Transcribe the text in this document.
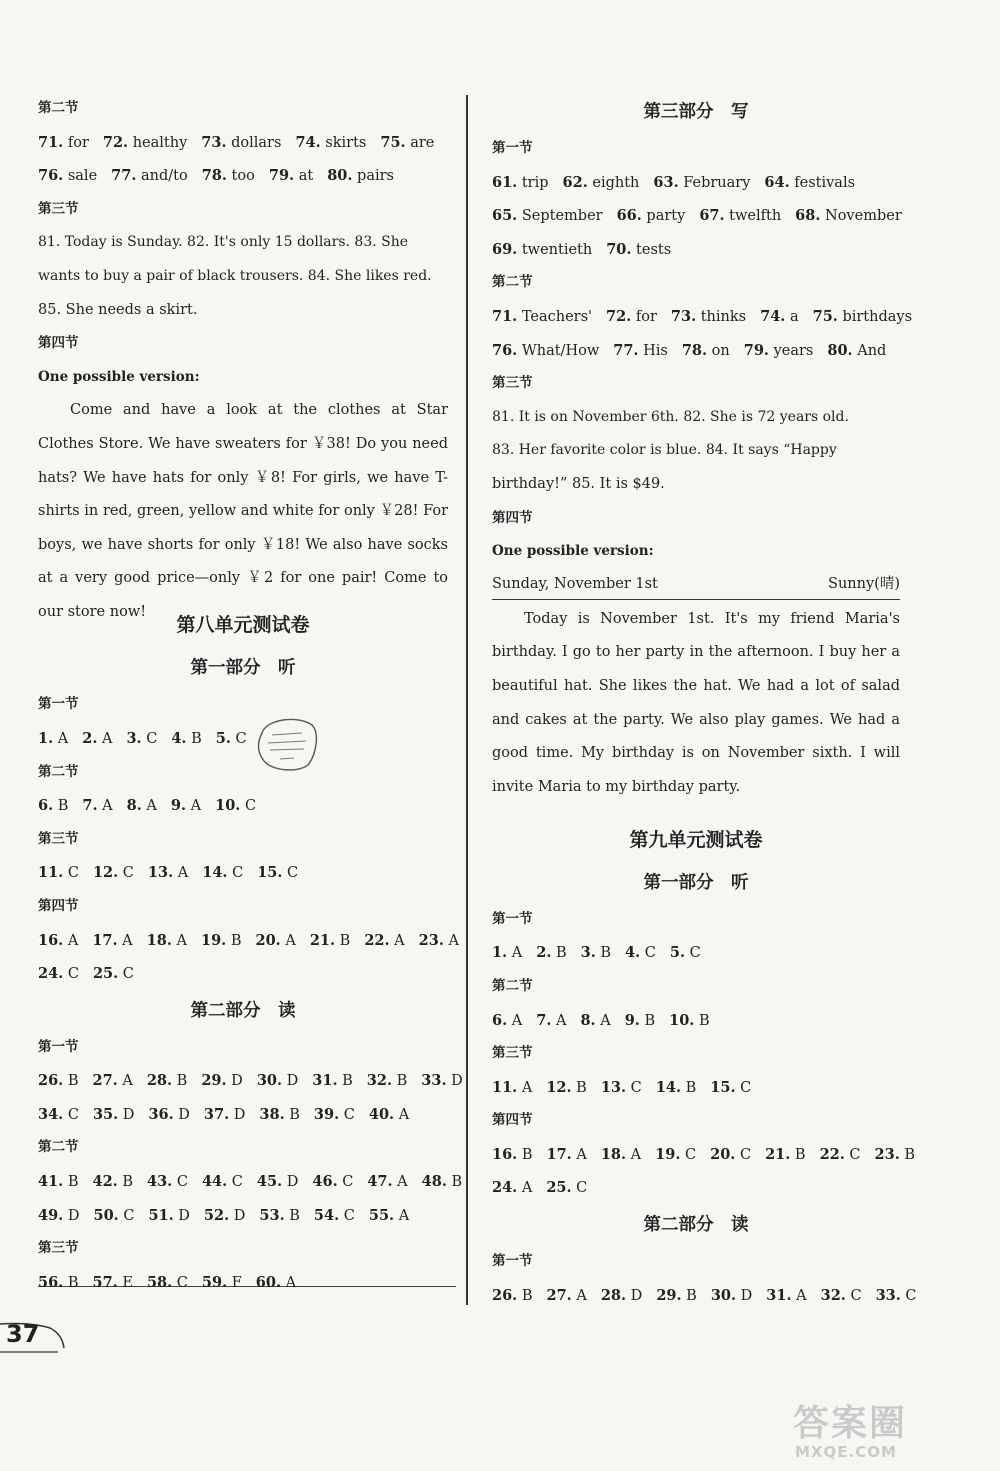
第二节
71. for 72. healthy 73. dollars 74. skirts 75. are
76. sale 77. and/to 78. too 79. at 80. pairs
第三节
81. Today is Sunday. 82. It's only 15 dollars. 83. She
wants to buy a pair of black trousers. 84. She likes red.
85. She needs a skirt.
第四节
One possible version:
Come and have a look at the clothes at Star Clothes Store. We have sweaters for ￥38! Do you need hats? We have hats for only ￥8! For girls, we have T-shirts in red, green, yellow and white for only ￥28! For boys, we have shorts for only ￥18! We also have socks at a very good price—only ￥2 for one pair! Come to our store now!
第八单元测试卷
第一部分　听
第一节
1. A 2. A 3. C 4. B 5. C
第二节
6. B 7. A 8. A 9. A 10. C
第三节
11. C 12. C 13. A 14. C 15. C
第四节
16. A 17. A 18. A 19. B 20. A 21. B 22. A 23. A
24. C 25. C
第二部分　读
第一节
26. B 27. A 28. B 29. D 30. D 31. B 32. B 33. D
34. C 35. D 36. D 37. D 38. B 39. C 40. A
第二节
41. B 42. B 43. C 44. C 45. D 46. C 47. A 48. B
49. D 50. C 51. D 52. D 53. B 54. C 55. A
第三节
56. B 57. E 58. C 59. F 60. A
第三部分　写
第一节
61. trip 62. eighth 63. February 64. festivals
65. September 66. party 67. twelfth 68. November
69. twentieth 70. tests
第二节
71. Teachers' 72. for 73. thinks 74. a 75. birthdays
76. What/How 77. His 78. on 79. years 80. And
第三节
81. It is on November 6th. 82. She is 72 years old.
83. Her favorite color is blue. 84. It says “Happy
birthday!” 85. It is $49.
第四节
One possible version:
Sunday, November 1st	Sunny(晴)
Today is November 1st. It's my friend Maria's birthday. I go to her party in the afternoon. I buy her a beautiful hat. She likes the hat. We had a lot of salad and cakes at the party. We also play games. We had a good time. My birthday is on November sixth. I will invite Maria to my birthday party.
第九单元测试卷
第一部分　听
第一节
1. A 2. B 3. B 4. C 5. C
第二节
6. A 7. A 8. A 9. B 10. B
第三节
11. A 12. B 13. C 14. B 15. C
第四节
16. B 17. A 18. A 19. C 20. C 21. B 22. C 23. B
24. A 25. C
第二部分　读
第一节
26. B 27. A 28. D 29. B 30. D 31. A 32. C 33. C
37
答案圈
MXQE.COM
